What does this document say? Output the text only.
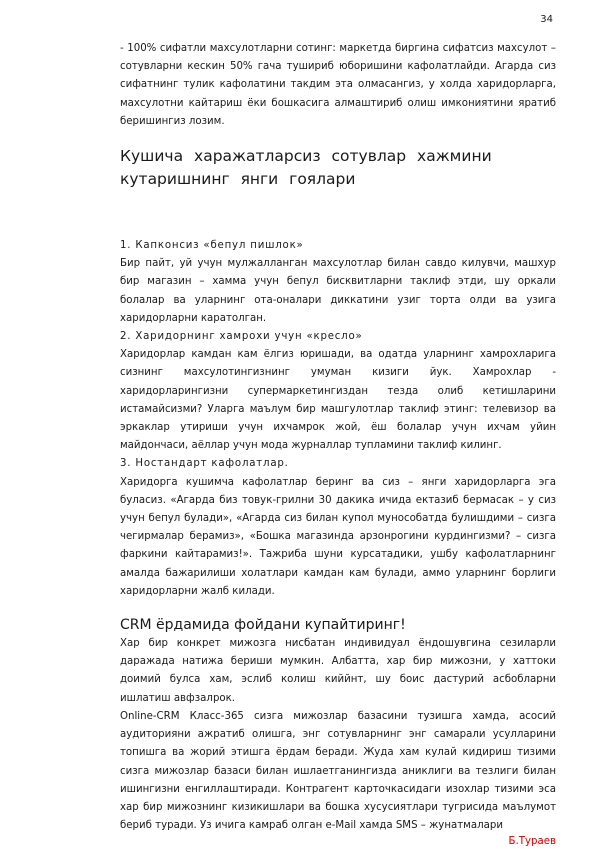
34

- 100% сифатли махсулотларни сотинг: маркетда биргина сифатсиз махсулот – сотувларни кескин 50% гача тушириб юборишини кафолатлайди. Агарда сиз сифатнинг тулик кафолатини такдим эта олмасангиз, у холда харидорларга, махсулотни кайтариш ёки бошкасига алмаштириб олиш имкониятини яратиб беришингиз лозим.

Кушича харажатларсиз сотувлар хажмини кутаришнинг янги гоялари

1. Капконсиз «бепул пишлок»

Бир пайт, уй учун мулжалланган махсулотлар билан савдо килувчи, машхур бир магазин – хамма учун бепул бисквитларни таклиф этди, шу оркали болалар ва уларнинг ота-оналари диккатини узиг торта олди ва узига харидорларни каратолган.

2. Харидорнинг хамрохи учун «кресло»

Харидорлар камдан кам ёлгиз юришади, ва одатда уларнинг хамрохларига сизнинг махсулотингизнинг умуман кизиги йук. Хамрохлар - харидорларингизни супермаркетингиздан тезда олиб кетишларини истамайсизми? Уларга маълум бир машгулотлар таклиф этинг: телевизор ва эркаклар утириши учун ихчамрок жой, ёш болалар учун ихчам уйин майдончаси, аёллар учун мода журналлар тупламини таклиф килинг.

3. Ностандарт кафолатлар.

Харидорга кушимча кафолатлар беринг ва сиз – янги харидорларга эга буласиз. «Агарда биз товук-грилни 30 дакика ичида ектазиб бермасак – у сиз учун бепул булади», «Агарда сиз билан купол мунособатда булишдими – сизга чегирмалар берамиз», «Бошка магазинда арзонрогини курдингизми? – сизга фаркини кайтарамиз!». Тажриба шуни курсатадики, ушбу кафолатларнинг амалда бажарилиши холатлари камдан кам булади, аммо уларнинг борлиги харидорларни жалб килади.

CRM ёрдамида фойдани купайтиринг!

Хар бир конкрет мижозга нисбатан индивидуал ёндошувгина сезиларли даражада натижа бериши мумкин. Албатта, хар бир мижозни, у хаттоки доимий булса хам, эслиб колиш киййнт, шу боис дастурий асбобларни ишлатиш авфзалрок.

Online-CRM Класс-365 сизга мижозлар базасини тузишга хамда, асосий аудиторияни ажратиб олишга, энг сотувларнинг энг самарали усулларини топишга ва жорий этишга ёрдам беради. Жуда хам кулай кидириш тизими сизга мижозлар базаси билан ишлаетганингизда аниклиги ва тезлиги билан ишингизни енгиллаштиради. Контрагент карточкасидаги изохлар тизими эса хар бир мижознинг кизикишлари ва бошка хусусиятлари тугрисида маълумот бериб туради. Уз ичига камраб олган e-Mail хамда SMS – жунатмалари

Б.Тураев
